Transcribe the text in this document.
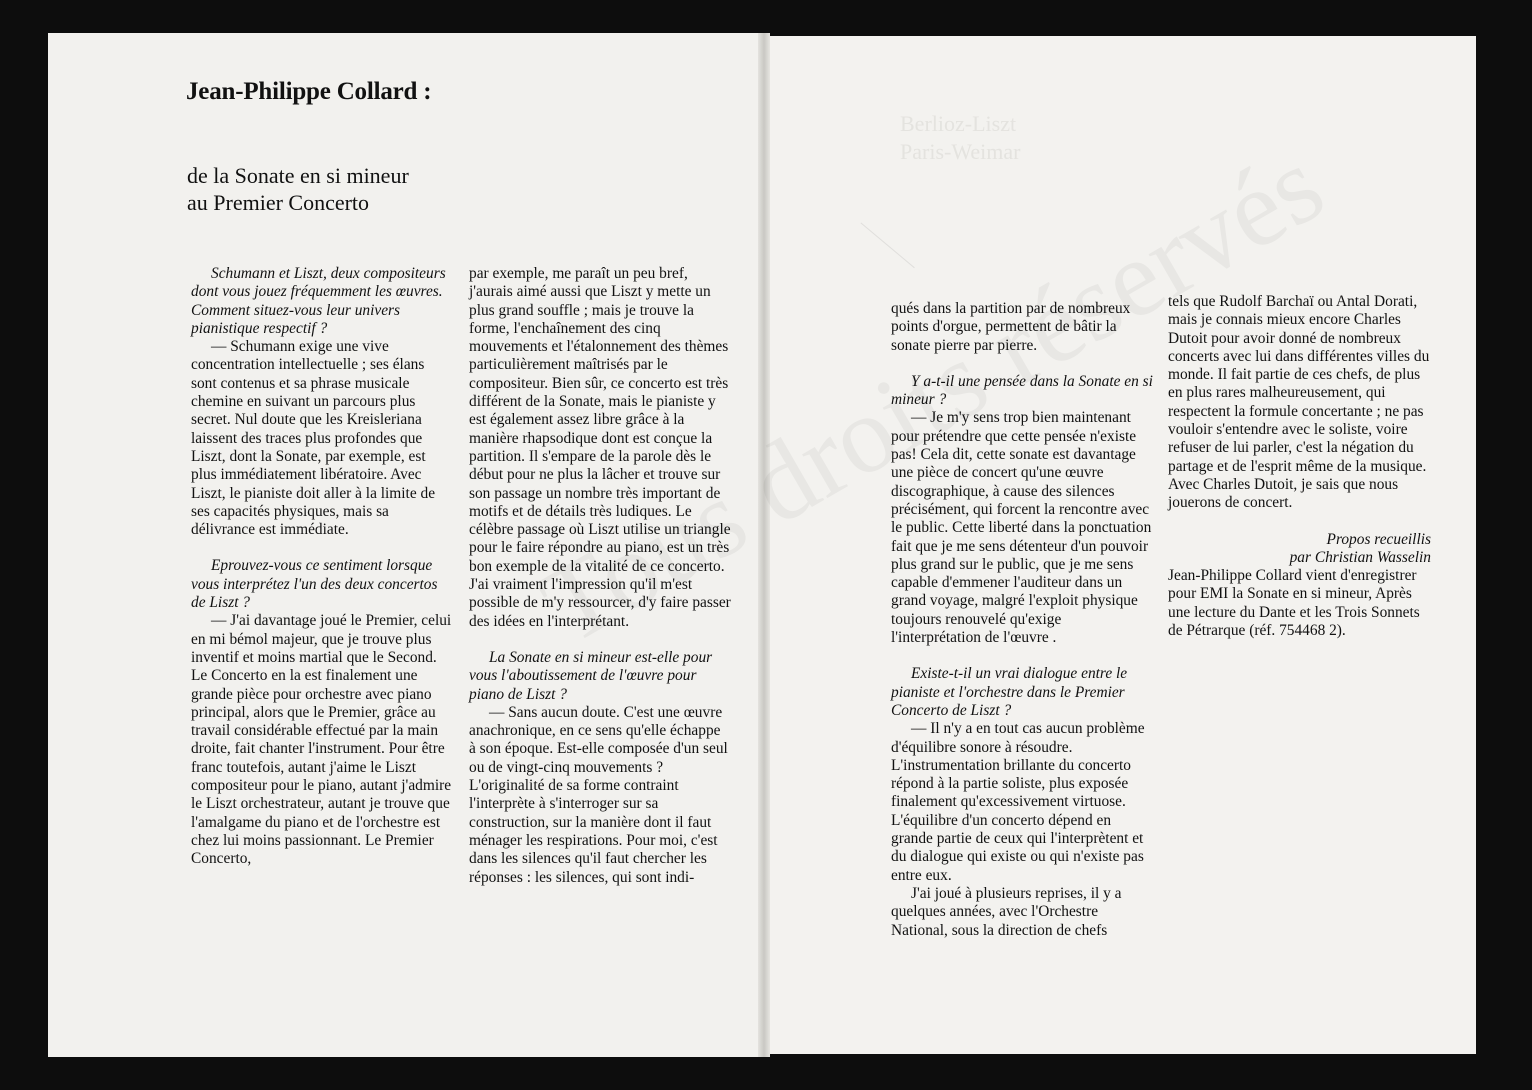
Berlioz-Liszt
Paris-Weimar
Jean-Philippe Collard :
de la Sonate en si mineur
au Premier Concerto

Schumann et Liszt, deux compositeurs dont vous jouez fréquemment les œuvres. Comment situez-vous leur univers pianistique respectif ?

— Schumann exige une vive concentration intellectuelle ; ses élans sont contenus et sa phrase musicale chemine en suivant un parcours plus secret. Nul doute que les Kreisleriana laissent des traces plus profondes que Liszt, dont la Sonate, par exemple, est plus immédiatement libératoire. Avec Liszt, le pianiste doit aller à la limite de ses capacités physiques, mais sa délivrance est immédiate.

Eprouvez-vous ce sentiment lorsque vous interprétez l'un des deux concertos de Liszt ?

— J'ai davantage joué le Premier, celui en mi bémol majeur, que je trouve plus inventif et moins martial que le Second. Le Concerto en la est finalement une grande pièce pour orchestre avec piano principal, alors que le Premier, grâce au travail considérable effectué par la main droite, fait chanter l'instrument. Pour être franc toutefois, autant j'aime le Liszt compositeur pour le piano, autant j'admire le Liszt orchestrateur, autant je trouve que l'amalgame du piano et de l'orchestre est chez lui moins passionnant. Le Premier Concerto,

par exemple, me paraît un peu bref, j'aurais aimé aussi que Liszt y mette un plus grand souffle ; mais je trouve la forme, l'enchaînement des cinq mouvements et l'étalonnement des thèmes particulièrement maîtrisés par le compositeur. Bien sûr, ce concerto est très différent de la Sonate, mais le pianiste y est également assez libre grâce à la manière rhapsodique dont est conçue la partition. Il s'empare de la parole dès le début pour ne plus la lâcher et trouve sur son passage un nombre très important de motifs et de détails très ludiques. Le célèbre passage où Liszt utilise un triangle pour le faire répondre au piano, est un très bon exemple de la vitalité de ce concerto. J'ai vraiment l'impression qu'il m'est possible de m'y ressourcer, d'y faire passer des idées en l'interprétant.

La Sonate en si mineur est-elle pour vous l'aboutissement de l'œuvre pour piano de Liszt ?

— Sans aucun doute. C'est une œuvre anachronique, en ce sens qu'elle échappe à son époque. Est-elle composée d'un seul ou de vingt-cinq mouvements ? L'originalité de sa forme contraint l'interprète à s'interroger sur sa construction, sur la manière dont il faut ménager les respirations. Pour moi, c'est dans les silences qu'il faut chercher les réponses : les silences, qui sont indi-

qués dans la partition par de nombreux points d'orgue, permettent de bâtir la sonate pierre par pierre.

Y a-t-il une pensée dans la Sonate en si mineur ?

— Je m'y sens trop bien maintenant pour prétendre que cette pensée n'existe pas! Cela dit, cette sonate est davantage une pièce de concert qu'une œuvre discographique, à cause des silences précisément, qui forcent la rencontre avec le public. Cette liberté dans la ponctuation fait que je me sens détenteur d'un pouvoir plus grand sur le public, que je me sens capable d'emmener l'auditeur dans un grand voyage, malgré l'exploit physique toujours renouvelé qu'exige l'interprétation de l'œuvre .

Existe-t-il un vrai dialogue entre le pianiste et l'orchestre dans le Premier Concerto de Liszt ?

— Il n'y a en tout cas aucun problème d'équilibre sonore à résoudre. L'instrumentation brillante du concerto répond à la partie soliste, plus exposée finalement qu'excessivement virtuose. L'équilibre d'un concerto dépend en grande partie de ceux qui l'interprètent et du dialogue qui existe ou qui n'existe pas entre eux.

J'ai joué à plusieurs reprises, il y a quelques années, avec l'Orchestre National, sous la direction de chefs

tels que Rudolf Barchaï ou Antal Dorati, mais je connais mieux encore Charles Dutoit pour avoir donné de nombreux concerts avec lui dans différentes villes du monde. Il fait partie de ces chefs, de plus en plus rares malheureusement, qui respectent la formule concertante ; ne pas vouloir s'entendre avec le soliste, voire refuser de lui parler, c'est la négation du partage et de l'esprit même de la musique. Avec Charles Dutoit, je sais que nous jouerons de concert.

Propos recueillis
par Christian Wasselin

Jean-Philippe Collard vient d'enregistrer pour EMI la Sonate en si mineur, Après une lecture du Dante et les Trois Sonnets de Pétrarque (réf. 754468 2).
